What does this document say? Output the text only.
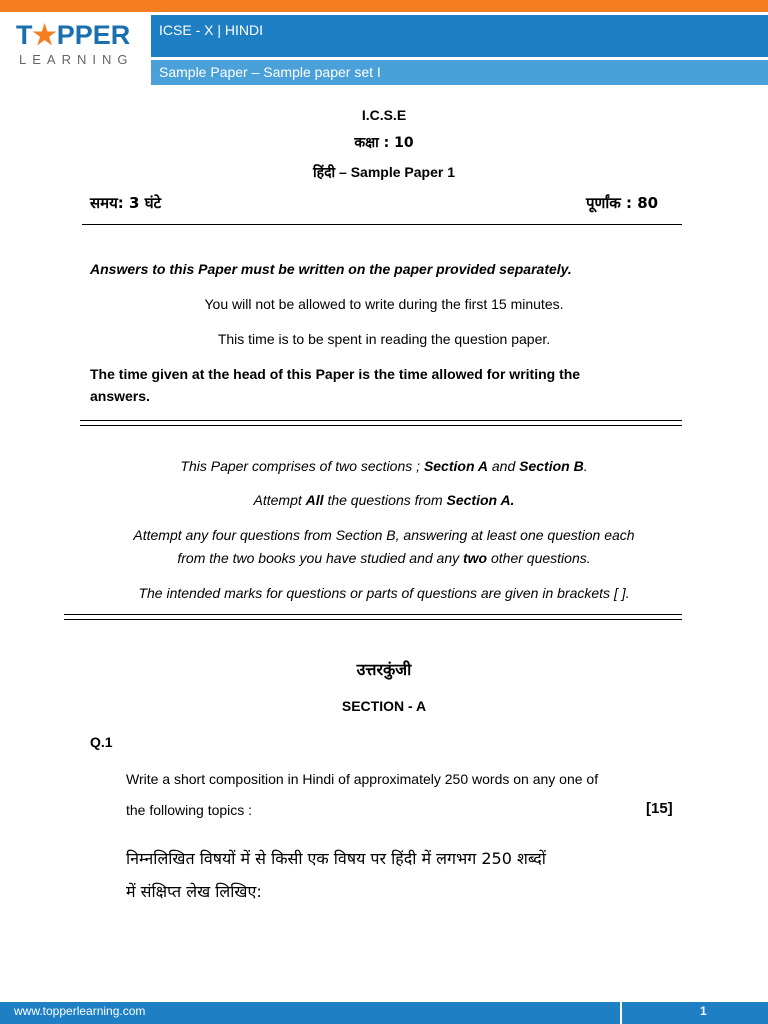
T★PPER
LEARNING
ICSE - X | HINDI
Sample Paper – Sample paper set I
I.C.S.E
कक्षा : 10
हिंदी – Sample Paper 1
समय: 3 घंटे	पूर्णांक : 80
Answers to this Paper must be written on the paper provided separately.
You will not be allowed to write during the first 15 minutes.
This time is to be spent in reading the question paper.
The time given at the head of this Paper is the time allowed for writing the
answers.
This Paper comprises of two sections ; Section A and Section B.
Attempt All the questions from Section A.
Attempt any four questions from Section B, answering at least one question each
from the two books you have studied and any two other questions.
The intended marks for questions or parts of questions are given in brackets [ ].
उत्तरकुंजी
SECTION - A
Q.1
Write a short composition in Hindi of approximately 250 words on any one of
the following topics :	[15]
निम्नलिखित विषयों में से किसी एक विषय पर हिंदी में लगभग 250 शब्दों
में संक्षिप्त लेख लिखिए:
www.topperlearning.com	1
